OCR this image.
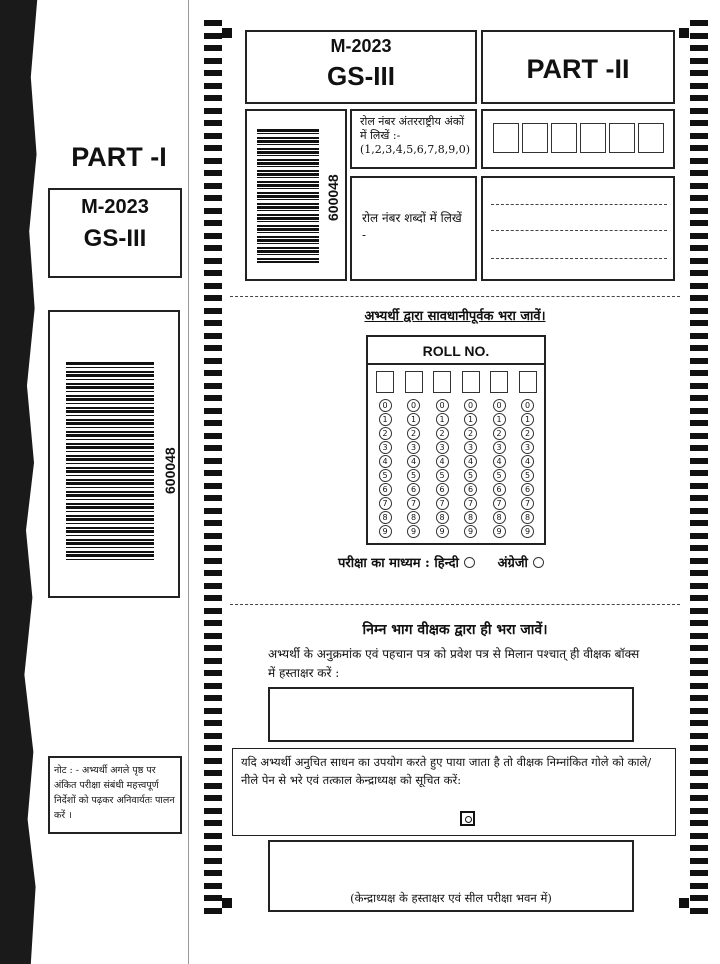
PART -I
M-2023
GS-III
600048
नोट : - अभ्यर्थी अगले पृष्ठ पर अंकित परीक्षा संबंधी महत्त्वपूर्ण निर्देशों को पढ़कर अनिवार्यतः पालन करें ।
M-2023
GS-III	PART -II
600048
रोल नंबर अंतरराष्ट्रीय अंकों में लिखें :-
(1,2,3,4,5,6,7,8,9,0)
रोल नंबर शब्दों में लिखें -
अभ्यर्थी द्वारा सावधानीपूर्वक भरा जावें।
ROLL NO.
0
1
2
3
4
5
6
7
8
9
0
1
2
3
4
5
6
7
8
9
0
1
2
3
4
5
6
7
8
9
0
1
2
3
4
5
6
7
8
9
0
1
2
3
4
5
6
7
8
9
0
1
2
3
4
5
6
7
8
9
परीक्षा का माध्यम : हिन्दी	अंग्रेजी
निम्न भाग वीक्षक द्वारा ही भरा जावें।
अभ्यर्थी के अनुक्रमांक एवं पहचान पत्र को प्रवेश पत्र से मिलान पश्चात् ही वीक्षक बॉक्स में हस्ताक्षर करें :
यदि अभ्यर्थी अनुचित साधन का उपयोग करते हुए पाया जाता है तो वीक्षक निम्नांकित गोले को काले/नीले पेन से भरे एवं तत्काल केन्द्राध्यक्ष को सूचित करें:
(केन्द्राध्यक्ष के हस्ताक्षर एवं सील परीक्षा भवन में)
